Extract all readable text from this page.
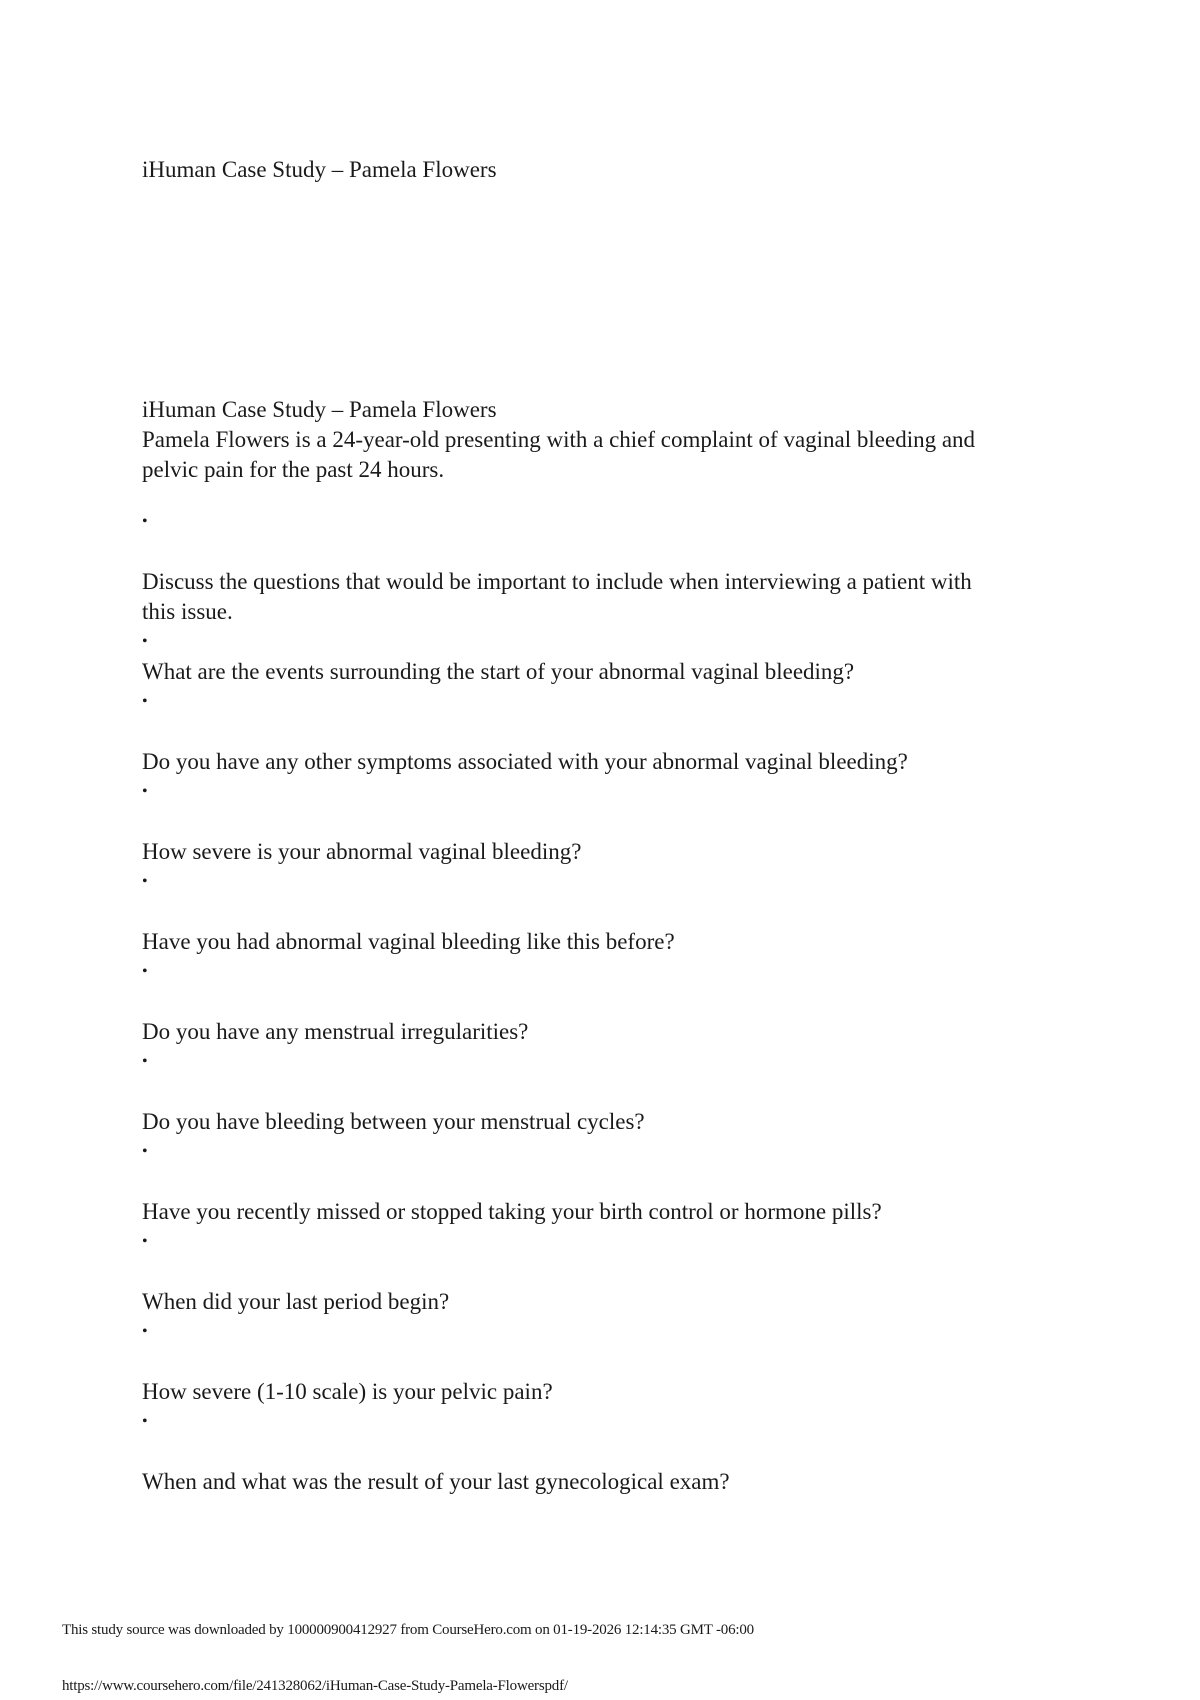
iHuman Case Study – Pamela Flowers

iHuman Case Study – Pamela Flowers

Pamela Flowers is a 24-year-old presenting with a chief complaint of vaginal bleeding and pelvic pain for the past 24 hours.

•

Discuss the questions that would be important to include when interviewing a patient with this issue.

•

What are the events surrounding the start of your abnormal vaginal bleeding?

•

Do you have any other symptoms associated with your abnormal vaginal bleeding?

•

How severe is your abnormal vaginal bleeding?

•

Have you had abnormal vaginal bleeding like this before?

•

Do you have any menstrual irregularities?

•

Do you have bleeding between your menstrual cycles?

•

Have you recently missed or stopped taking your birth control or hormone pills?

•

When did your last period begin?

•

How severe (1-10 scale) is your pelvic pain?

•

When and what was the result of your last gynecological exam?

This study source was downloaded by 100000900412927 from CourseHero.com on 01-19-2026 12:14:35 GMT -06:00
https://www.coursehero.com/file/241328062/iHuman-Case-Study-Pamela-Flowerspdf/
